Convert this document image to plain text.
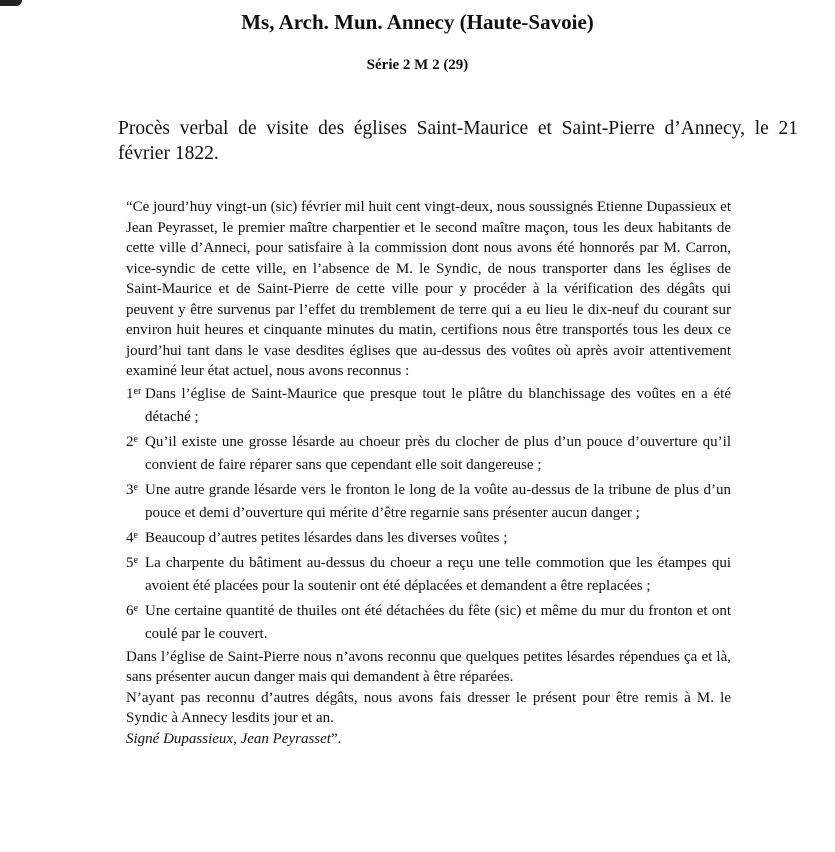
Ms, Arch. Mun. Annecy (Haute-Savoie)
Série 2 M 2 (29)
Procès verbal de visite des églises Saint-Maurice et Saint-Pierre d’Annecy, le 21 février 1822.

“Ce jourd’huy vingt-un (sic) février mil huit cent vingt-deux, nous soussignés Etienne Dupassieux et Jean Peyrasset, le premier maître charpentier et le second maître maçon, tous les deux habitants de cette ville d’Anneci, pour satisfaire à la commission dont nous avons été honnorés par M. Carron, vice-syndic de cette ville, en l’absence de M. le Syndic, de nous transporter dans les églises de Saint-Maurice et de Saint-Pierre de cette ville pour y procéder à la vérification des dégâts qui peuvent y être survenus par l’effet du tremblement de terre qui a eu lieu le dix-neuf du courant sur environ huit heures et cinquante minutes du matin, certifions nous être transportés tous les deux ce jourd’hui tant dans le vase desdites églises que au-dessus des voûtes où après avoir attentivement examiné leur état actuel, nous avons reconnus :

1er Dans l’église de Saint-Maurice que presque tout le plâtre du blanchissage des voûtes en a été détaché ;

2e Qu’il existe une grosse lésarde au choeur près du clocher de plus d’un pouce d’ouverture qu’il convient de faire réparer sans que cependant elle soit dangereuse ;

3e Une autre grande lésarde vers le fronton le long de la voûte au-dessus de la tribune de plus d’un pouce et demi d’ouverture qui mérite d’être regarnie sans présenter aucun danger ;

4e Beaucoup d’autres petites lésardes dans les diverses voûtes ;

5e La charpente du bâtiment au-dessus du choeur a reçu une telle commotion que les étampes qui avoient été placées pour la soutenir ont été déplacées et demandent a être replacées ;

6e Une certaine quantité de thuiles ont été détachées du fête (sic) et même du mur du fronton et ont coulé par le couvert.

Dans l’église de Saint-Pierre nous n’avons reconnu que quelques petites lésardes répendues ça et là, sans présenter aucun danger mais qui demandent à être réparées.

N’ayant pas reconnu d’autres dégâts, nous avons fais dresser le présent pour être remis à M. le Syndic à Annecy lesdits jour et an.

Signé Dupassieux, Jean Peyrasset”.
